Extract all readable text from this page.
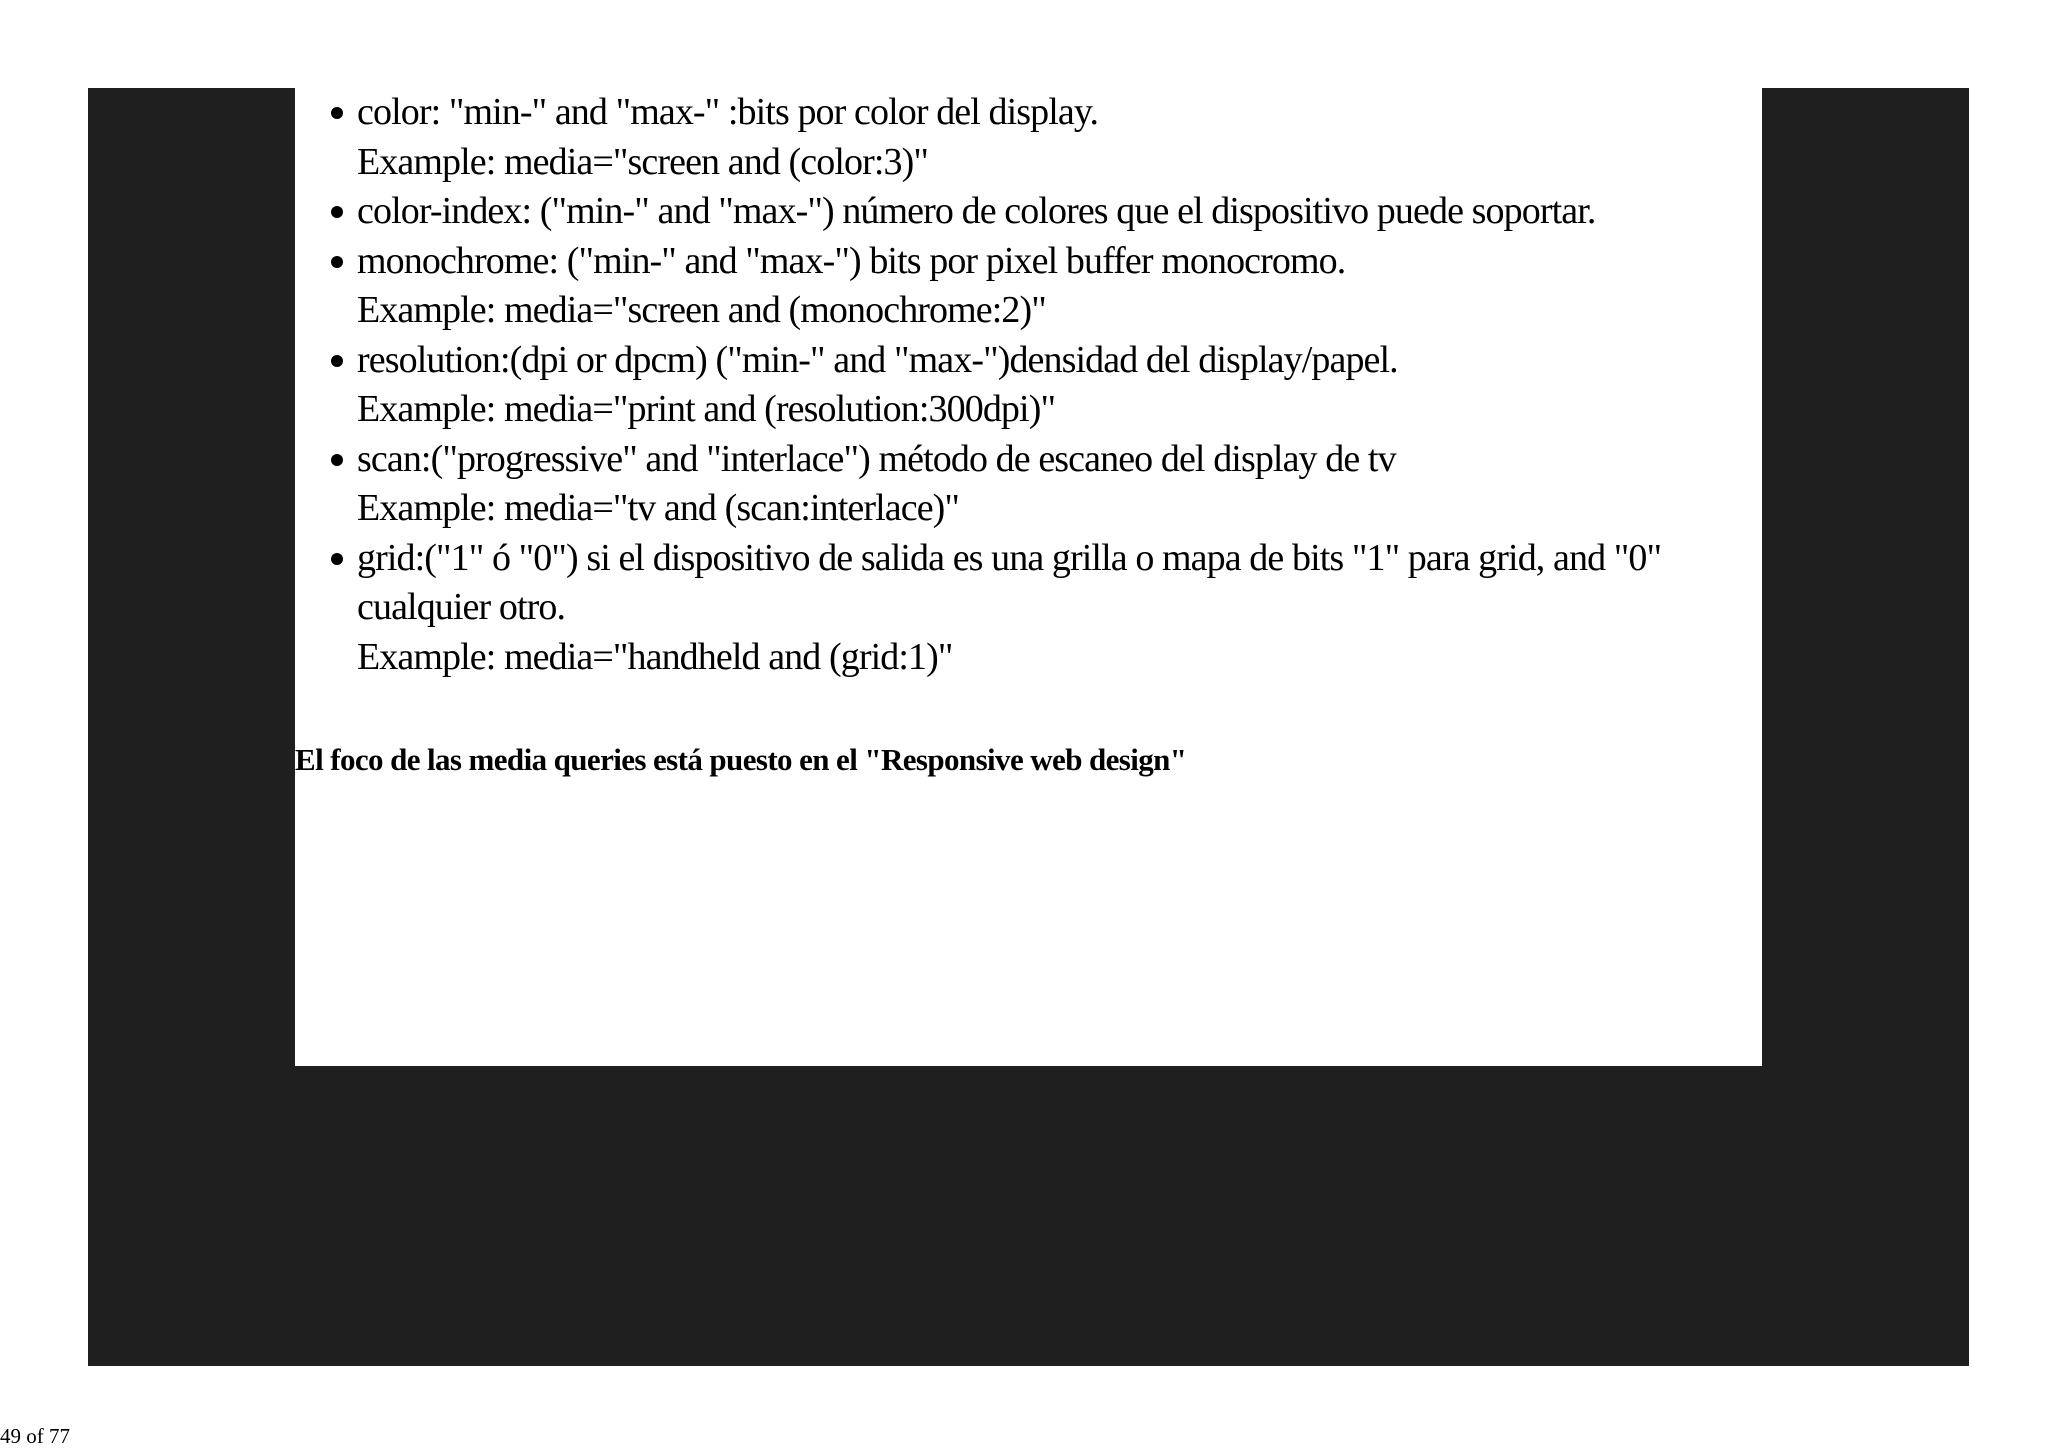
color: "min-" and "max-" :bits por color del display.
Example: media="screen and (color:3)"
color-index: ("min-" and "max-") número de colores que el dispositivo puede soportar.
monochrome: ("min-" and "max-") bits por pixel buffer monocromo.
Example: media="screen and (monochrome:2)"
resolution:(dpi or dpcm) ("min-" and "max-")densidad del display/papel.
Example: media="print and (resolution:300dpi)"
scan:("progressive" and "interlace") método de escaneo del display de tv
Example: media="tv and (scan:interlace)"
grid:("1" ó "0") si el dispositivo de salida es una grilla o mapa de bits "1" para grid, and "0"
cualquier otro.
Example: media="handheld and (grid:1)"

El foco de las media queries está puesto en el "Responsive web design"

49 of 77
